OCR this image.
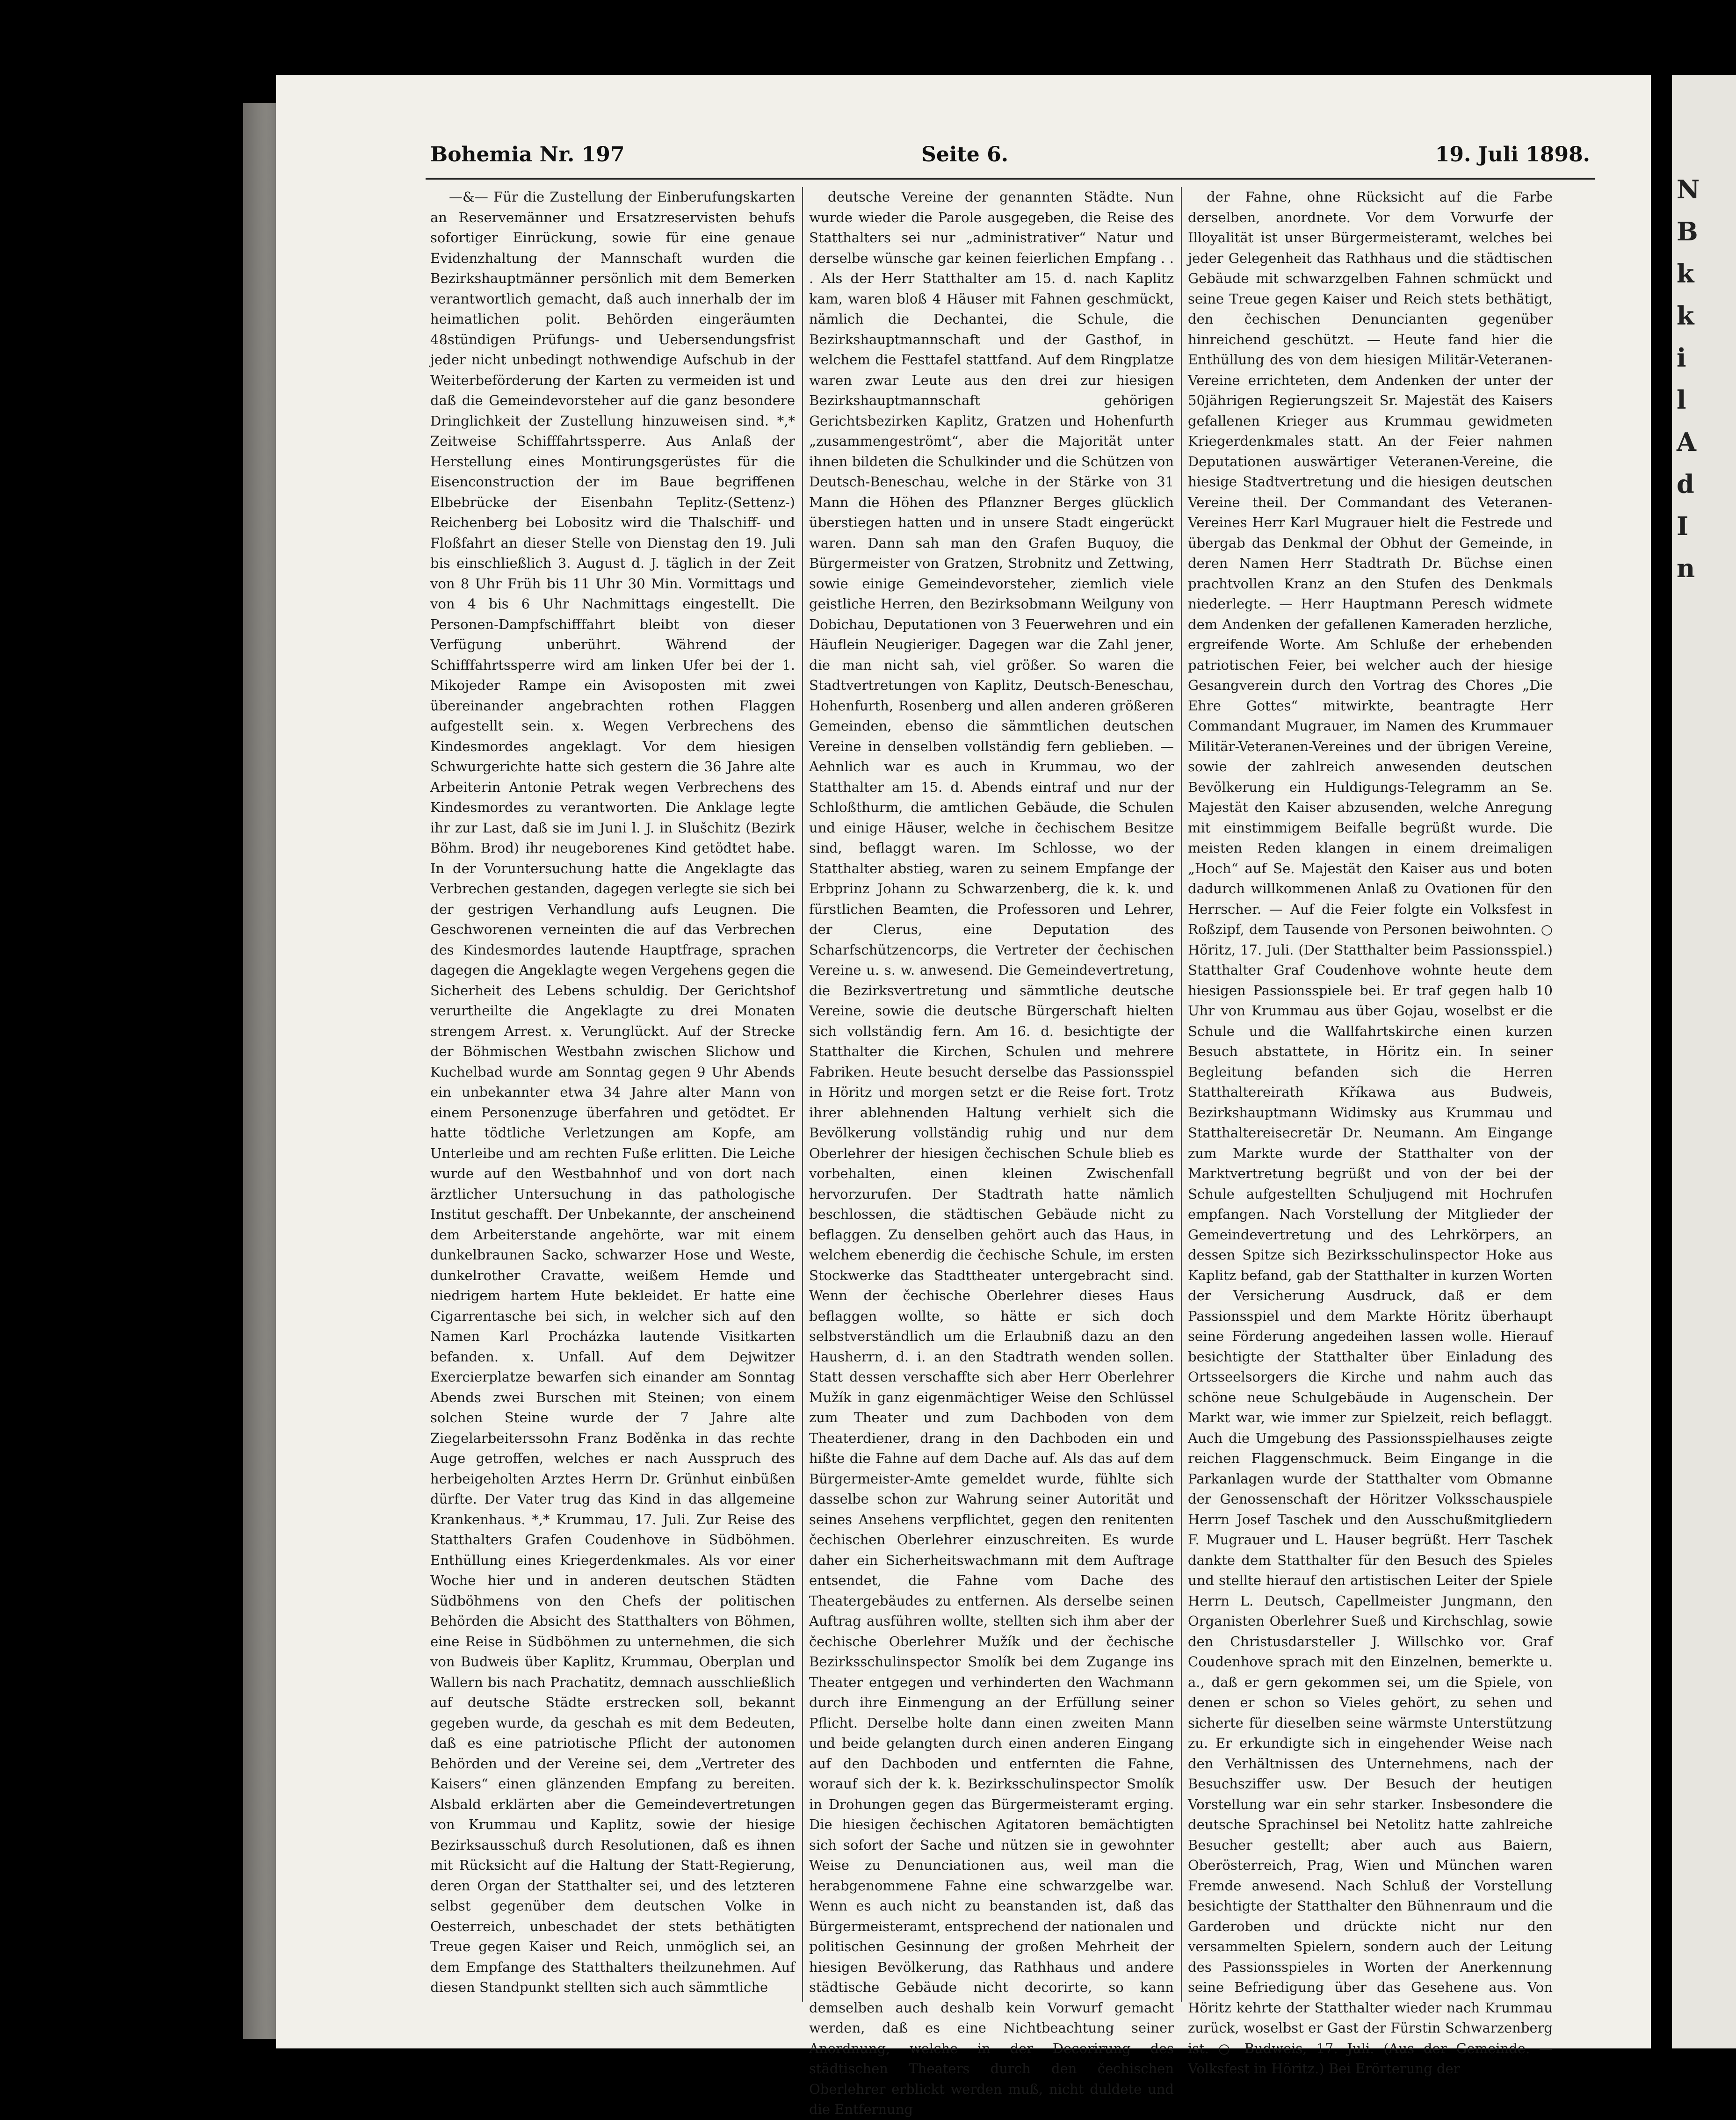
N
B
k
k
i
l
A
d
I
n
Bohemia Nr. 197	Seite 6.	19. Juli 1898.

—&— Für die Zustellung der Einberufungskarten an Reservemänner und Ersatzreservisten behufs sofortiger Einrückung, sowie für eine genaue Evidenzhaltung der Mannschaft wurden die Bezirkshauptmänner persönlich mit dem Bemerken verantwortlich gemacht, daß auch innerhalb der im heimatlichen polit. Behörden eingeräumten 48stündigen Prüfungs- und Uebersendungsfrist jeder nicht unbedingt nothwendige Aufschub in der Weiterbeförderung der Karten zu vermeiden ist und daß die Gemeindevorsteher auf die ganz besondere Dringlichkeit der Zustellung hinzuweisen sind. *,* Zeitweise Schifffahrtssperre. Aus Anlaß der Herstellung eines Montirungsgerüstes für die Eisenconstruction der im Baue begriffenen Elbebrücke der Eisenbahn Teplitz-(Settenz-) Reichenberg bei Lobositz wird die Thalschiff- und Floßfahrt an dieser Stelle von Dienstag den 19. Juli bis einschließlich 3. August d. J. täglich in der Zeit von 8 Uhr Früh bis 11 Uhr 30 Min. Vormittags und von 4 bis 6 Uhr Nachmittags eingestellt. Die Personen-Dampfschifffahrt bleibt von dieser Verfügung unberührt. Während der Schifffahrtssperre wird am linken Ufer bei der 1. Mikojeder Rampe ein Avisoposten mit zwei übereinander angebrachten rothen Flaggen aufgestellt sein. x. Wegen Verbrechens des Kindesmordes angeklagt. Vor dem hiesigen Schwurgerichte hatte sich gestern die 36 Jahre alte Arbeiterin Antonie Petrak wegen Verbrechens des Kindesmordes zu verantworten. Die Anklage legte ihr zur Last, daß sie im Juni l. J. in Slušchitz (Bezirk Böhm. Brod) ihr neugeborenes Kind getödtet habe. In der Voruntersuchung hatte die Angeklagte das Verbrechen gestanden, dagegen verlegte sie sich bei der gestrigen Verhandlung aufs Leugnen. Die Geschworenen verneinten die auf das Verbrechen des Kindesmordes lautende Hauptfrage, sprachen dagegen die Angeklagte wegen Vergehens gegen die Sicherheit des Lebens schuldig. Der Gerichtshof verurtheilte die Angeklagte zu drei Monaten strengem Arrest. x. Verunglückt. Auf der Strecke der Böhmischen Westbahn zwischen Slichow und Kuchelbad wurde am Sonntag gegen 9 Uhr Abends ein unbekannter etwa 34 Jahre alter Mann von einem Personenzuge überfahren und getödtet. Er hatte tödtliche Verletzungen am Kopfe, am Unterleibe und am rechten Fuße erlitten. Die Leiche wurde auf den Westbahnhof und von dort nach ärztlicher Untersuchung in das pathologische Institut geschafft. Der Unbekannte, der anscheinend dem Arbeiterstande angehörte, war mit einem dunkelbraunen Sacko, schwarzer Hose und Weste, dunkelrother Cravatte, weißem Hemde und niedrigem hartem Hute bekleidet. Er hatte eine Cigarrentasche bei sich, in welcher sich auf den Namen Karl Procházka lautende Visitkarten befanden. x. Unfall. Auf dem Dejwitzer Exercierplatze bewarfen sich einander am Sonntag Abends zwei Burschen mit Steinen; von einem solchen Steine wurde der 7 Jahre alte Ziegelarbeiterssohn Franz Boděnka in das rechte Auge getroffen, welches er nach Ausspruch des herbeigeholten Arztes Herrn Dr. Grünhut einbüßen dürfte. Der Vater trug das Kind in das allgemeine Krankenhaus. *,* Krummau, 17. Juli. Zur Reise des Statthalters Grafen Coudenhove in Südböhmen. Enthüllung eines Kriegerdenkmales. Als vor einer Woche hier und in anderen deutschen Städten Südböhmens von den Chefs der politischen Behörden die Absicht des Statthalters von Böhmen, eine Reise in Südböhmen zu unternehmen, die sich von Budweis über Kaplitz, Krummau, Oberplan und Wallern bis nach Prachatitz, demnach ausschließlich auf deutsche Städte erstrecken soll, bekannt gegeben wurde, da geschah es mit dem Bedeuten, daß es eine patriotische Pflicht der autonomen Behörden und der Vereine sei, dem „Vertreter des Kaisers“ einen glänzenden Empfang zu bereiten. Alsbald erklärten aber die Gemeindevertretungen von Krummau und Kaplitz, sowie der hiesige Bezirksausschuß durch Resolutionen, daß es ihnen mit Rücksicht auf die Haltung der Statt-Regierung, deren Organ der Statthalter sei, und des letzteren selbst gegenüber dem deutschen Volke in Oesterreich, unbeschadet der stets bethätigten Treue gegen Kaiser und Reich, unmöglich sei, an dem Empfange des Statthalters theilzunehmen. Auf diesen Standpunkt stellten sich auch sämmtliche

deutsche Vereine der genannten Städte. Nun wurde wieder die Parole ausgegeben, die Reise des Statthalters sei nur „administrativer“ Natur und derselbe wünsche gar keinen feierlichen Empfang . . . Als der Herr Statthalter am 15. d. nach Kaplitz kam, waren bloß 4 Häuser mit Fahnen geschmückt, nämlich die Dechantei, die Schule, die Bezirkshauptmannschaft und der Gasthof, in welchem die Festtafel stattfand. Auf dem Ringplatze waren zwar Leute aus den drei zur hiesigen Bezirkshauptmannschaft gehörigen Gerichtsbezirken Kaplitz, Gratzen und Hohenfurth „zusammengeströmt“, aber die Majorität unter ihnen bildeten die Schulkinder und die Schützen von Deutsch-Beneschau, welche in der Stärke von 31 Mann die Höhen des Pflanzner Berges glücklich überstiegen hatten und in unsere Stadt eingerückt waren. Dann sah man den Grafen Buquoy, die Bürgermeister von Gratzen, Strobnitz und Zettwing, sowie einige Gemeindevorsteher, ziemlich viele geistliche Herren, den Bezirksobmann Weilguny von Dobichau, Deputationen von 3 Feuerwehren und ein Häuflein Neugieriger. Dagegen war die Zahl jener, die man nicht sah, viel größer. So waren die Stadtvertretungen von Kaplitz, Deutsch-Beneschau, Hohenfurth, Rosenberg und allen anderen größeren Gemeinden, ebenso die sämmtlichen deutschen Vereine in denselben vollständig fern geblieben. — Aehnlich war es auch in Krummau, wo der Statthalter am 15. d. Abends eintraf und nur der Schloßthurm, die amtlichen Gebäude, die Schulen und einige Häuser, welche in čechischem Besitze sind, beflaggt waren. Im Schlosse, wo der Statthalter abstieg, waren zu seinem Empfange der Erbprinz Johann zu Schwarzenberg, die k. k. und fürstlichen Beamten, die Professoren und Lehrer, der Clerus, eine Deputation des Scharfschützencorps, die Vertreter der čechischen Vereine u. s. w. anwesend. Die Gemeindevertretung, die Bezirksvertretung und sämmtliche deutsche Vereine, sowie die deutsche Bürgerschaft hielten sich vollständig fern. Am 16. d. besichtigte der Statthalter die Kirchen, Schulen und mehrere Fabriken. Heute besucht derselbe das Passionsspiel in Höritz und morgen setzt er die Reise fort. Trotz ihrer ablehnenden Haltung verhielt sich die Bevölkerung vollständig ruhig und nur dem Oberlehrer der hiesigen čechischen Schule blieb es vorbehalten, einen kleinen Zwischenfall hervorzurufen. Der Stadtrath hatte nämlich beschlossen, die städtischen Gebäude nicht zu beflaggen. Zu denselben gehört auch das Haus, in welchem ebenerdig die čechische Schule, im ersten Stockwerke das Stadttheater untergebracht sind. Wenn der čechische Oberlehrer dieses Haus beflaggen wollte, so hätte er sich doch selbstverständlich um die Erlaubniß dazu an den Hausherrn, d. i. an den Stadtrath wenden sollen. Statt dessen verschaffte sich aber Herr Oberlehrer Mužík in ganz eigenmächtiger Weise den Schlüssel zum Theater und zum Dachboden von dem Theaterdiener, drang in den Dachboden ein und hißte die Fahne auf dem Dache auf. Als das auf dem Bürgermeister-Amte gemeldet wurde, fühlte sich dasselbe schon zur Wahrung seiner Autorität und seines Ansehens verpflichtet, gegen den renitenten čechischen Oberlehrer einzuschreiten. Es wurde daher ein Sicherheitswachmann mit dem Auftrage entsendet, die Fahne vom Dache des Theatergebäudes zu entfernen. Als derselbe seinen Auftrag ausführen wollte, stellten sich ihm aber der čechische Oberlehrer Mužík und der čechische Bezirksschulinspector Smolík bei dem Zugange ins Theater entgegen und verhinderten den Wachmann durch ihre Einmengung an der Erfüllung seiner Pflicht. Derselbe holte dann einen zweiten Mann und beide gelangten durch einen anderen Eingang auf den Dachboden und entfernten die Fahne, worauf sich der k. k. Bezirksschulinspector Smolík in Drohungen gegen das Bürgermeisteramt erging. Die hiesigen čechischen Agitatoren bemächtigten sich sofort der Sache und nützen sie in gewohnter Weise zu Denunciationen aus, weil man die herabgenommene Fahne eine schwarzgelbe war. Wenn es auch nicht zu beanstanden ist, daß das Bürgermeisteramt, entsprechend der nationalen und politischen Gesinnung der großen Mehrheit der hiesigen Bevölkerung, das Rathhaus und andere städtische Gebäude nicht decorirte, so kann demselben auch deshalb kein Vorwurf gemacht werden, daß es eine Nichtbeachtung seiner Anordnung, welche in der Decorirung des städtischen Theaters durch den čechischen Oberlehrer erblickt werden muß, nicht duldete und die Entfernung

der Fahne, ohne Rücksicht auf die Farbe derselben, anordnete. Vor dem Vorwurfe der Illoyalität ist unser Bürgermeisteramt, welches bei jeder Gelegenheit das Rathhaus und die städtischen Gebäude mit schwarzgelben Fahnen schmückt und seine Treue gegen Kaiser und Reich stets bethätigt, den čechischen Denuncianten gegenüber hinreichend geschützt. — Heute fand hier die Enthüllung des von dem hiesigen Militär-Veteranen-Vereine errichteten, dem Andenken der unter der 50jährigen Regierungszeit Sr. Majestät des Kaisers gefallenen Krieger aus Krummau gewidmeten Kriegerdenkmales statt. An der Feier nahmen Deputationen auswärtiger Veteranen-Vereine, die hiesige Stadtvertretung und die hiesigen deutschen Vereine theil. Der Commandant des Veteranen-Vereines Herr Karl Mugrauer hielt die Festrede und übergab das Denkmal der Obhut der Gemeinde, in deren Namen Herr Stadtrath Dr. Büchse einen prachtvollen Kranz an den Stufen des Denkmals niederlegte. — Herr Hauptmann Peresch widmete dem Andenken der gefallenen Kameraden herzliche, ergreifende Worte. Am Schluße der erhebenden patriotischen Feier, bei welcher auch der hiesige Gesangverein durch den Vortrag des Chores „Die Ehre Gottes“ mitwirkte, beantragte Herr Commandant Mugrauer, im Namen des Krummauer Militär-Veteranen-Vereines und der übrigen Vereine, sowie der zahlreich anwesenden deutschen Bevölkerung ein Huldigungs-Telegramm an Se. Majestät den Kaiser abzusenden, welche Anregung mit einstimmigem Beifalle begrüßt wurde. Die meisten Reden klangen in einem dreimaligen „Hoch“ auf Se. Majestät den Kaiser aus und boten dadurch willkommenen Anlaß zu Ovationen für den Herrscher. — Auf die Feier folgte ein Volksfest in Roßzipf, dem Tausende von Personen beiwohnten. ○ Höritz, 17. Juli. (Der Statthalter beim Passionsspiel.) Statthalter Graf Coudenhove wohnte heute dem hiesigen Passionsspiele bei. Er traf gegen halb 10 Uhr von Krummau aus über Gojau, woselbst er die Schule und die Wallfahrtskirche einen kurzen Besuch abstattete, in Höritz ein. In seiner Begleitung befanden sich die Herren Statthaltereirath Kříkawa aus Budweis, Bezirkshauptmann Widimsky aus Krummau und Statthaltereisecretär Dr. Neumann. Am Eingange zum Markte wurde der Statthalter von der Marktvertretung begrüßt und von der bei der Schule aufgestellten Schuljugend mit Hochrufen empfangen. Nach Vorstellung der Mitglieder der Gemeindevertretung und des Lehrkörpers, an dessen Spitze sich Bezirksschulinspector Hoke aus Kaplitz befand, gab der Statthalter in kurzen Worten der Versicherung Ausdruck, daß er dem Passionsspiel und dem Markte Höritz überhaupt seine Förderung angedeihen lassen wolle. Hierauf besichtigte der Statthalter über Einladung des Ortsseelsorgers die Kirche und nahm auch das schöne neue Schulgebäude in Augenschein. Der Markt war, wie immer zur Spielzeit, reich beflaggt. Auch die Umgebung des Passionsspielhauses zeigte reichen Flaggenschmuck. Beim Eingange in die Parkanlagen wurde der Statthalter vom Obmanne der Genossenschaft der Höritzer Volksschauspiele Herrn Josef Taschek und den Ausschußmitgliedern F. Mugrauer und L. Hauser begrüßt. Herr Taschek dankte dem Statthalter für den Besuch des Spieles und stellte hierauf den artistischen Leiter der Spiele Herrn L. Deutsch, Capellmeister Jungmann, den Organisten Oberlehrer Sueß und Kirchschlag, sowie den Christusdarsteller J. Willschko vor. Graf Coudenhove sprach mit den Einzelnen, bemerkte u. a., daß er gern gekommen sei, um die Spiele, von denen er schon so Vieles gehört, zu sehen und sicherte für dieselben seine wärmste Unterstützung zu. Er erkundigte sich in eingehender Weise nach den Verhältnissen des Unternehmens, nach der Besuchsziffer usw. Der Besuch der heutigen Vorstellung war ein sehr starker. Insbesondere die deutsche Sprachinsel bei Netolitz hatte zahlreiche Besucher gestellt; aber auch aus Baiern, Oberösterreich, Prag, Wien und München waren Fremde anwesend. Nach Schluß der Vorstellung besichtigte der Statthalter den Bühnenraum und die Garderoben und drückte nicht nur den versammelten Spielern, sondern auch der Leitung des Passionsspieles in Worten der Anerkennung seine Befriedigung über das Gesehene aus. Von Höritz kehrte der Statthalter wieder nach Krummau zurück, woselbst er Gast der Fürstin Schwarzenberg ist. ○ Budweis, 17. Juli. (Aus der Gemeinde. — Volksfest in Höritz.) Bei Erörterung der
